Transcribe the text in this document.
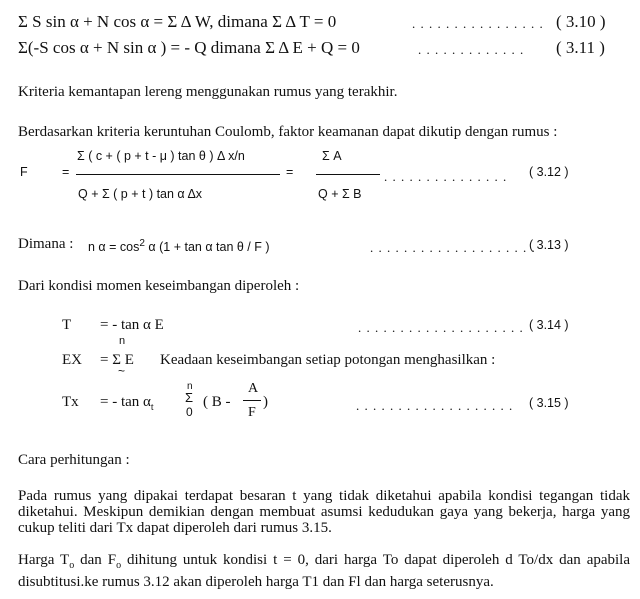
Σ S sin α + N cos α = Σ Δ W, dimana Σ Δ T = 0	. . . . . . . . . . . . . . . . ( 3.10 )
Σ(-S cos α + N sin α ) = - Q dimana Σ Δ E + Q = 0	. . . . . . . . . . . . . ( 3.11 )
Kriteria kemantapan lereng menggunakan rumus yang terakhir.
Berdasarkan kriteria keruntuhan Coulomb, faktor keamanan dapat dikutip dengan rumus :
F	=
Σ ( c + ( p + t - μ ) tan θ ) Δ x/n
Q + Σ ( p + t ) tan α Δx
=
Σ A
Q + Σ B
. . . . . . . . . . . . . . . ( 3.12 )
Dimana : n $\alpha = \cos^2 \alpha$ (1 + tan α tan θ / F )	. . . . . . . . . . . . . . . . . . . .
( 3.13 )
Dari kondisi momen keseimbangan diperoleh :
T = - tan α E	. . . . . . . . . . . . . . . . . . . . ( 3.14 )
n
EX = Σ E
~
Keadaan keseimbangan setiap potongan menghasilkan :
Tx = - $\tan \alpha_t$
n
Σ
0
( B -
A
F
)	. . . . . . . . . . . . . . . . . . . ( 3.15 )
Cara perhitungan :
Pada rumus yang dipakai terdapat besaran t yang tidak diketahui apabila kondisi tegangan tidak diketahui. Meskipun demikian dengan membuat asumsi kedudukan gaya yang bekerja, harga yang cukup teliti dari Tx dapat diperoleh dari rumus 3.15.
Harga $T_o$ dan $F_o$ dihitung untuk kondisi t = 0, dari harga To dapat diperoleh d To/dx dan apabila disubtitusi.ke rumus 3.12 akan diperoleh harga T1 dan Fl dan harga seterusnya.
